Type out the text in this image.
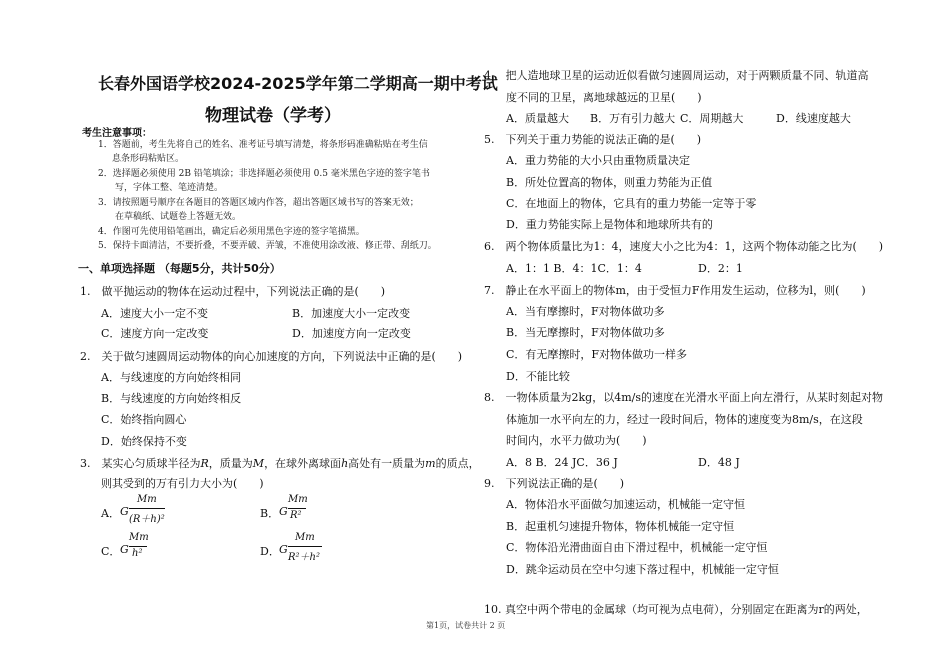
长春外国语学校2024-2025学年第二学期高一期中考试
物理试卷（学考）
考生注意事项：
1．答题前，考生先将自己的姓名、准考证号填写清楚，将条形码准确粘贴在考生信
息条形码粘贴区。
2．选择题必须使用 2B 铅笔填涂；非选择题必须使用 0.5 毫米黑色字迹的签字笔书
写，字体工整、笔迹清楚。
3．请按照题号顺序在各题目的答题区域内作答，超出答题区域书写的答案无效；
在草稿纸、试题卷上答题无效。
4．作图可先使用铅笔画出，确定后必须用黑色字迹的签字笔描黑。
5．保持卡面清洁，不要折叠，不要弄破、弄皱，不准使用涂改液、修正带、刮纸刀。
一、单项选择题 （每题5分，共计50分）
1.　做平抛运动的物体在运动过程中，下列说法正确的是(　　)
A．速度大小一定不变	B．加速度大小一定改变
C．速度方向一定改变	D．加速度方向一定改变
2.　关于做匀速圆周运动物体的向心加速度的方向，下列说法中正确的是(　　)
A．与线速度的方向始终相同
B．与线速度的方向始终相反
C．始终指向圆心
D．始终保持不变
3.　某实心匀质球半径为R，质量为M，在球外离球面h高处有一质量为m的质点，
则其受到的万有引力大小为(　　)
A． G
Mm
(R＋h)²	B． G
Mm
R²
C． G
Mm
h²	D． G
Mm
R²＋h²
4.　把人造地球卫星的运动近似看做匀速圆周运动，对于两颗质量不同、轨道高
度不同的卫星，离地球越远的卫星(　　)
A．质量越大 B．万有引力越大 C．周期越大	D．线速度越大
5.　下列关于重力势能的说法正确的是(　　)
A．重力势能的大小只由重物质量决定
B．所处位置高的物体，则重力势能为正值
C．在地面上的物体，它具有的重力势能一定等于零
D．重力势能实际上是物体和地球所共有的
6.　两个物体质量比为1：4，速度大小之比为4：1，这两个物体动能之比为(　　)
A．1：1 B．4：1C．1：4	D．2：1
7.　静止在水平面上的物体m，由于受恒力F作用发生运动，位移为l，则(　　)
A．当有摩擦时，F对物体做功多
B．当无摩擦时，F对物体做功多
C．有无摩擦时，F对物体做功一样多
D．不能比较
8.　一物体质量为2kg，以4m/s的速度在光滑水平面上向左滑行，从某时刻起对物
体施加一水平向左的力，经过一段时间后，物体的速度变为8m/s，在这段
时间内，水平力做功为(　　)
A．8 B．24 JC．36 J	D．48 J
9.　下列说法正确的是(　　)
A．物体沿水平面做匀加速运动，机械能一定守恒
B．起重机匀速提升物体，物体机械能一定守恒
C．物体沿光滑曲面自由下滑过程中，机械能一定守恒
D．跳伞运动员在空中匀速下落过程中，机械能一定守恒
10. 真空中两个带电的金属球（均可视为点电荷），分别固定在距离为r的两处，
第1页，试卷共计 2 页
